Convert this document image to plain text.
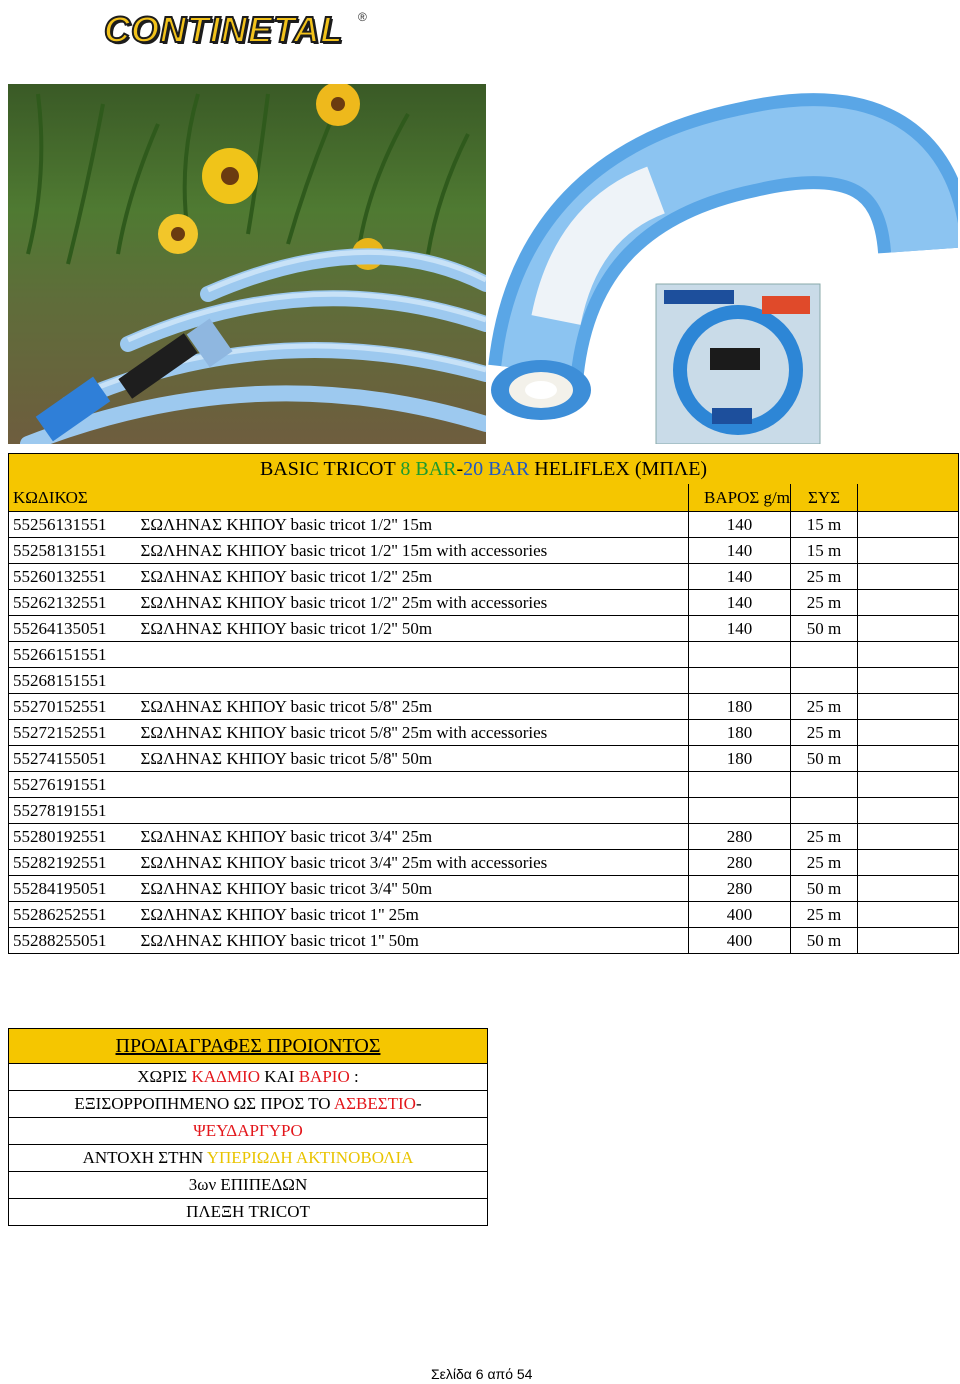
CONTINETAL ®
BASIC TRICOT 8 BAR-20 BAR HELIFLEX (ΜΠΛΕ)				
ΚΩΔΙΚΟΣ		ΒΑΡΟΣ g/m	ΣΥΣ	
55256131551	ΣΩΛΗΝΑΣ ΚΗΠΟΥ basic tricot 1/2'' 15m	140	15 m	
55258131551	ΣΩΛΗΝΑΣ ΚΗΠΟΥ basic tricot 1/2'' 15m with accessories	140	15 m	
55260132551	ΣΩΛΗΝΑΣ ΚΗΠΟΥ basic tricot 1/2'' 25m	140	25 m	
55262132551	ΣΩΛΗΝΑΣ ΚΗΠΟΥ basic tricot 1/2'' 25m with accessories	140	25 m	
55264135051	ΣΩΛΗΝΑΣ ΚΗΠΟΥ basic tricot 1/2'' 50m	140	50 m	
55266151551				
55268151551				
55270152551	ΣΩΛΗΝΑΣ ΚΗΠΟΥ basic tricot 5/8'' 25m	180	25 m	
55272152551	ΣΩΛΗΝΑΣ ΚΗΠΟΥ basic tricot 5/8'' 25m with accessories	180	25 m	
55274155051	ΣΩΛΗΝΑΣ ΚΗΠΟΥ basic tricot 5/8'' 50m	180	50 m	
55276191551				
55278191551				
55280192551	ΣΩΛΗΝΑΣ ΚΗΠΟΥ basic tricot 3/4'' 25m	280	25 m	
55282192551	ΣΩΛΗΝΑΣ ΚΗΠΟΥ basic tricot 3/4'' 25m with accessories	280	25 m	
55284195051	ΣΩΛΗΝΑΣ ΚΗΠΟΥ basic tricot 3/4'' 50m	280	50 m	
55286252551	ΣΩΛΗΝΑΣ ΚΗΠΟΥ basic tricot 1'' 25m	400	25 m	
55288255051	ΣΩΛΗΝΑΣ ΚΗΠΟΥ basic tricot 1'' 50m	400	50 m	
ΠΡΟΔΙΑΓΡΑΦΕΣ ΠΡΟΙΟΝΤΟΣ
ΧΩΡΙΣ ΚΑΔΜΙΟ ΚΑΙ ΒΑΡΙΟ :
ΕΞΙΣΟΡΡΟΠΗΜΕΝΟ ΩΣ ΠΡΟΣ ΤΟ ΑΣΒΕΣΤΙΟ-
ΨΕΥΔΑΡΓΥΡΟ
ΑΝΤΟΧΗ ΣΤΗΝ ΥΠΕΡΙΩΔΗ ΑΚΤΙΝΟΒΟΛΙΑ
3ων ΕΠΙΠΕΔΩΝ
ΠΛΕΞΗ TRICOT
Σελίδα 6 από 54
